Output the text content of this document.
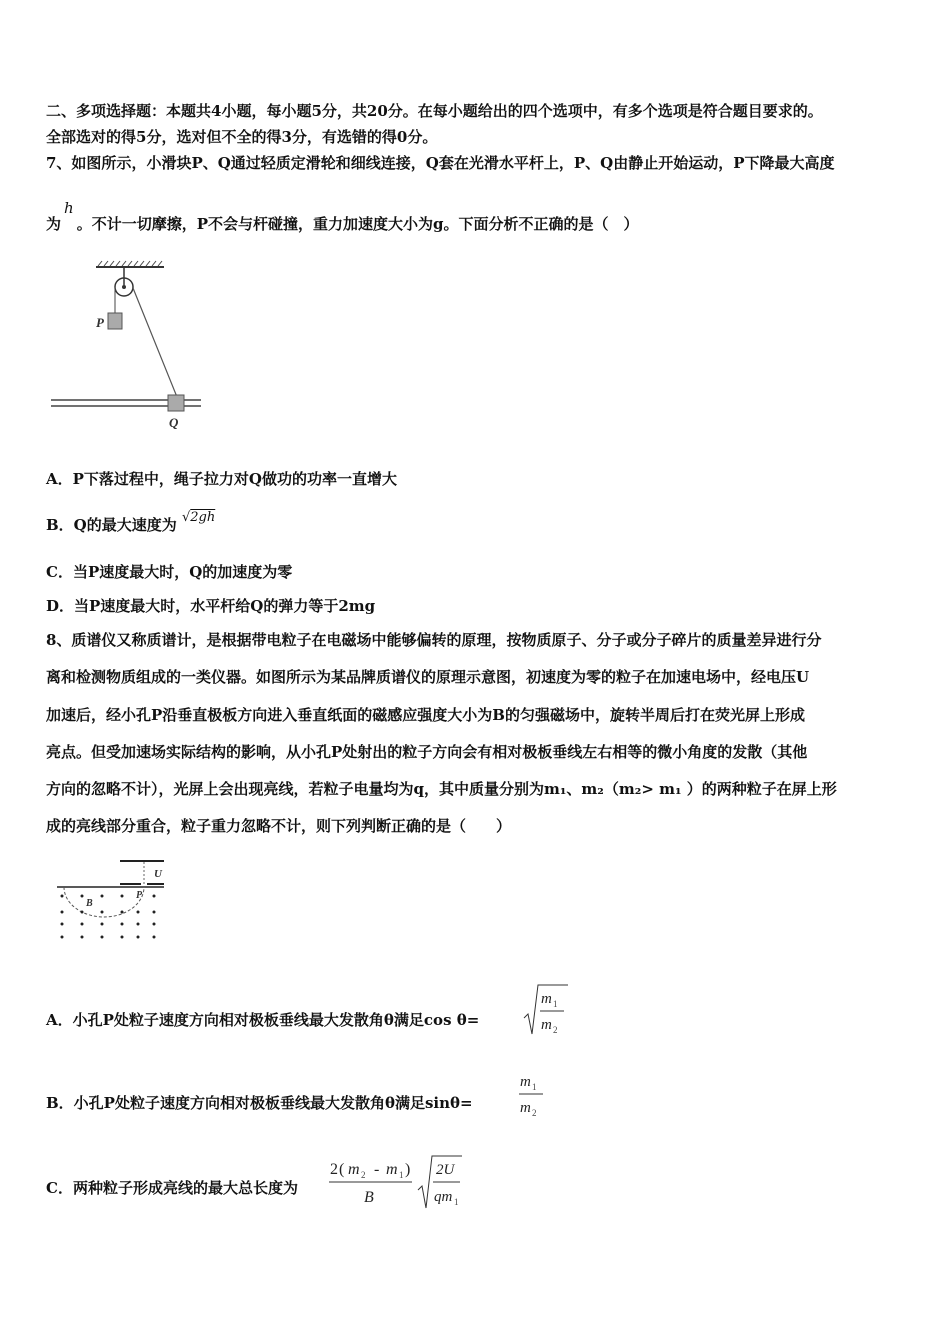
二、多项选择题：本题共4小题，每小题5分，共20分。在每小题给出的四个选项中，有多个选项是符合题目要求的。
全部选对的得5分，选对但不全的得3分，有选错的得0分。
7、如图所示，小滑块P、Q通过轻质定滑轮和细线连接，Q套在光滑水平杆上，P、Q由静止开始运动，P下降最大高度
为h。不计一切摩擦，P不会与杆碰撞，重力加速度大小为g。下面分析不正确的是（　）
P
Q
A．P下落过程中，绳子拉力对Q做功的功率一直增大
B．Q的最大速度为 √2gh
C．当P速度最大时，Q的加速度为零
D．当P速度最大时，水平杆给Q的弹力等于2mg
8、质谱仪又称质谱计，是根据带电粒子在电磁场中能够偏转的原理，按物质原子、分子或分子碎片的质量差异进行分
离和检测物质组成的一类仪器。如图所示为某品牌质谱仪的原理示意图，初速度为零的粒子在加速电场中，经电压U
加速后，经小孔P沿垂直极板方向进入垂直纸面的磁感应强度大小为B的匀强磁场中，旋转半周后打在荧光屏上形成
亮点。但受加速场实际结构的影响，从小孔P处射出的粒子方向会有相对极板垂线左右相等的微小角度的发散（其他
方向的忽略不计），光屏上会出现亮线，若粒子电量均为q，其中质量分别为m₁、m₂（m₂> m₁ ）的两种粒子在屏上形
成的亮线部分重合，粒子重力忽略不计，则下列判断正确的是（　　）
U
P
B
A．小孔P处粒子速度方向相对极板垂线最大发散角θ满足cos θ=
m 1
m 2
B．小孔P处粒子速度方向相对极板垂线最大发散角θ满足sinθ=
m 1
m 2
C．两种粒子形成亮线的最大总长度为
2 ( m 2 - m 1 )
B
2U
qm 1
